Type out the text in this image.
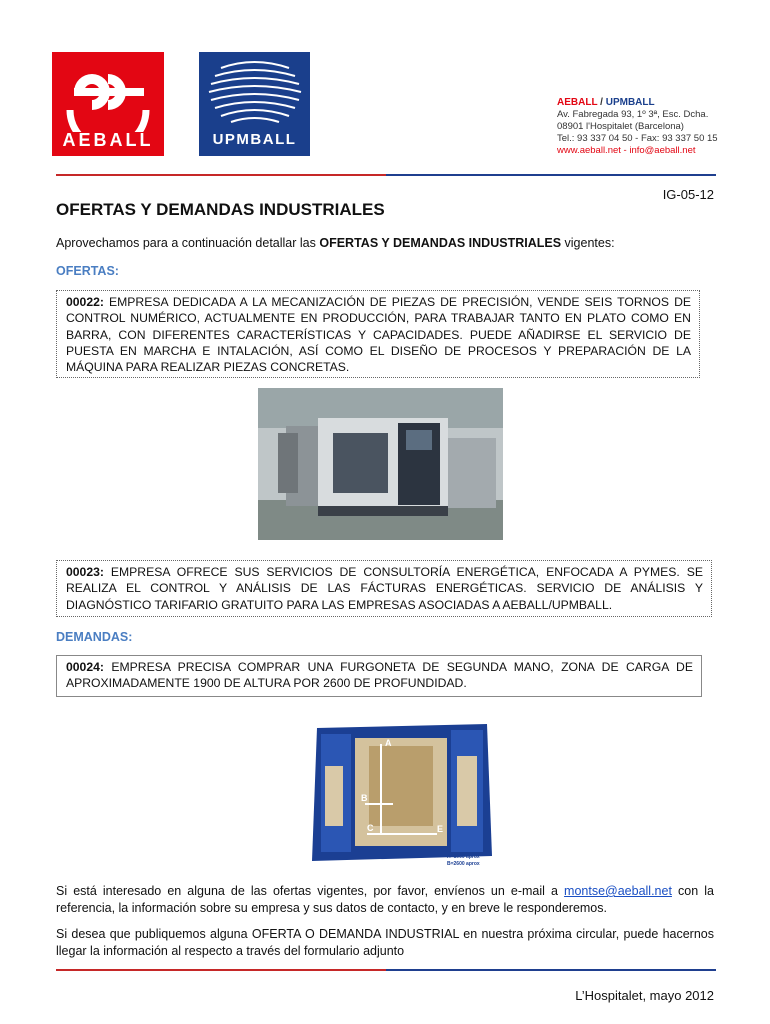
AEBALL	UPMBALL
AEBALL / UPMBALL
Av. Fabregada 93, 1º 3ª, Esc. Dcha.
08901 l'Hospitalet (Barcelona)
Tel.: 93 337 04 50 - Fax: 93 337 50 15
www.aeball.net - info@aeball.net
IG-05-12
OFERTAS Y DEMANDAS INDUSTRIALES
Aprovechamos para a continuación detallar las OFERTAS Y DEMANDAS INDUSTRIALES vigentes:
OFERTAS:
00022: EMPRESA DEDICADA A LA MECANIZACIÓN DE PIEZAS DE PRECISIÓN, VENDE SEIS TORNOS DE CONTROL NUMÉRICO, ACTUALMENTE EN PRODUCCIÓN, PARA TRABAJAR TANTO EN PLATO COMO EN BARRA, CON DIFERENTES CARACTERÍSTICAS Y CAPACIDADES. PUEDE AÑADIRSE EL SERVICIO DE PUESTA EN MARCHA E INTALACIÓN, ASÍ COMO EL DISEÑO DE PROCESOS Y PREPARACIÓN DE LA MÁQUINA PARA REALIZAR PIEZAS CONCRETAS.
00023: EMPRESA OFRECE SUS SERVICIOS DE CONSULTORÍA ENERGÉTICA, ENFOCADA A PYMES. SE REALIZA EL CONTROL Y ANÁLISIS DE LAS FÁCTURAS ENERGÉTICAS. SERVICIO DE ANÁLISIS Y DIAGNÓSTICO TARIFARIO GRATUITO PARA LAS EMPRESAS ASOCIADAS A AEBALL/UPMBALL.
DEMANDAS:
00024: EMPRESA PRECISA COMPRAR UNA FURGONETA DE SEGUNDA MANO, ZONA DE CARGA DE APROXIMADAMENTE 1900 DE ALTURA POR 2600 DE PROFUNDIDAD.
A
B
C	E
A=1900 aprox
B=2600 aprox
Si está interesado en alguna de las ofertas vigentes, por favor, envíenos un e-mail a montse@aeball.net con la referencia, la información sobre su empresa y sus datos de contacto, y en breve le responderemos.
Si desea que publiquemos alguna OFERTA O DEMANDA INDUSTRIAL en nuestra próxima circular, puede hacernos llegar la información al respecto a través del formulario adjunto
L’Hospitalet, mayo 2012
